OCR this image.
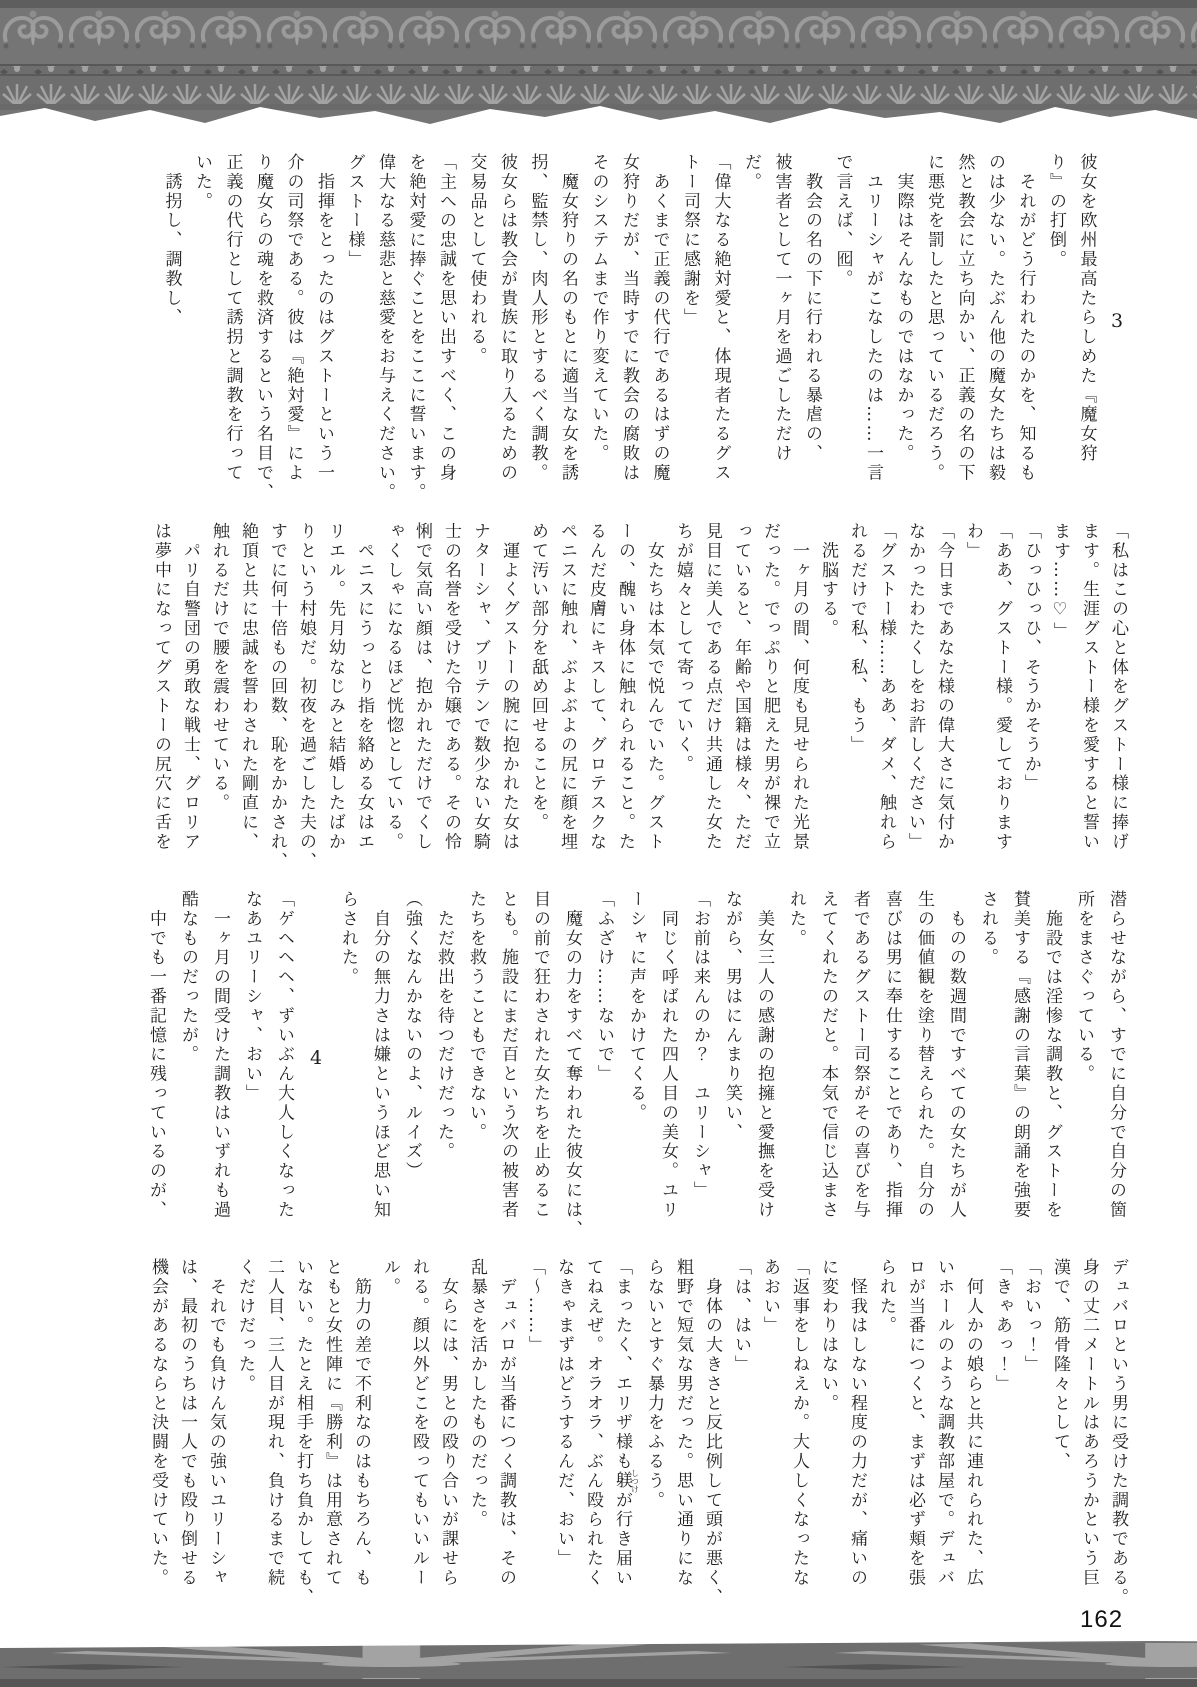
3

彼女を欧州最高たらしめた『魔女狩

り』の打倒。

　それがどう行われたのかを、知るも

のは少ない。たぶん他の魔女たちは毅

然と教会に立ち向かい、正義の名の下

に悪党を罰したと思っているだろう。

　実際はそんなものではなかった。

　ユリーシャがこなしたのは……一言

で言えば、囮。

　教会の名の下に行われる暴虐の、

被害者として一ヶ月を過ごしただけ

だ。

「偉大なる絶対愛と、体現者たるグス

トー司祭に感謝を」

　あくまで正義の代行であるはずの魔

女狩りだが、当時すでに教会の腐敗は

そのシステムまで作り変えていた。

　魔女狩りの名のもとに適当な女を誘

拐、監禁し、肉人形とするべく調教。

彼女らは教会が貴族に取り入るための

交易品として使われる。

「主への忠誠を思い出すべく、この身

を絶対愛に捧ぐことをここに誓います。

偉大なる慈悲と慈愛をお与えください。

グストー様」

　指揮をとったのはグストーという一

介の司祭である。彼は『絶対愛』によ

り魔女らの魂を救済するという名目で、

正義の代行として誘拐と調教を行って

いた。

　誘拐し、調教し、

「私はこの心と体をグストー様に捧げ

ます。生涯グストー様を愛すると誓い

ます……♡」

「ひっひっひ、そうかそうか」

「ああ、グストー様。愛しております

わ」

「今日まであなた様の偉大さに気付か

なかったわたくしをお許しください」

「グストー様……ああ、ダメ、触れら

れるだけで私、私、もう」

　洗脳する。

　一ヶ月の間、何度も見せられた光景

だった。でっぷりと肥えた男が裸で立

っていると、年齢や国籍は様々、ただ

見目に美人である点だけ共通した女た

ちが嬉々として寄っていく。

　女たちは本気で悦んでいた。グスト

ーの、醜い身体に触れられること。た

るんだ皮膚にキスして、グロテスクな

ペニスに触れ、ぶよぶよの尻に顔を埋

めて汚い部分を舐め回せることを。

　運よくグストーの腕に抱かれた女は

ナターシャ、ブリテンで数少ない女騎

士の名誉を受けた令嬢である。その怜

悧で気高い顔は、抱かれただけでくし

ゃくしゃになるほど恍惚としている。

　ペニスにうっとり指を絡める女はエ

リエル。先月幼なじみと結婚したばか

りという村娘だ。初夜を過ごした夫の、

すでに何十倍もの回数、恥をかかされ、

絶頂と共に忠誠を誓わされた剛直に、

触れるだけで腰を震わせている。

　パリ自警団の勇敢な戦士、グロリア

は夢中になってグストーの尻穴に舌を

潜らせながら、すでに自分で自分の箇

所をまさぐっている。

　施設では淫惨な調教と、グストーを

賛美する『感謝の言葉』の朗誦を強要

される。

　ものの数週間ですべての女たちが人

生の価値観を塗り替えられた。自分の

喜びは男に奉仕することであり、指揮

者であるグストー司祭がその喜びを与

えてくれたのだと。本気で信じ込まさ

れた。

　美女三人の感謝の抱擁と愛撫を受け

ながら、男はにんまり笑い、

「お前は来んのか？　ユリーシャ」

　同じく呼ばれた四人目の美女。ユリ

ーシャに声をかけてくる。

「ふざけ……ないで」

　魔女の力をすべて奪われた彼女には、

目の前で狂わされた女たちを止めるこ

とも。施設にまだ百という次の被害者

たちを救うこともできない。

　ただ救出を待つだけだった。

（強くなんかないのよ、ルイズ）

　自分の無力さは嫌というほど思い知

らされた。

4

「ゲヘヘヘ、ずいぶん大人しくなった

なあユリーシャ、おい」

　一ヶ月の間受けた調教はいずれも過

酷なものだったが。

　中でも一番記憶に残っているのが、

デュバロという男に受けた調教である。

身の丈二メートルはあろうかという巨

漢で、筋骨隆々として、

「おいっ！」

「きゃあっ！」

　何人かの娘らと共に連れられた、広

いホールのような調教部屋で。デュバ

ロが当番につくと、まずは必ず頬を張

られた。

　怪我はしない程度の力だが、痛いの

に変わりはない。

「返事をしねえか。大人しくなったな

あおい」

「は、はい」

　身体の大きさと反比例して頭が悪く、

粗野で短気な男だった。思い通りにな

らないとすぐ暴力をふるう。

「まったく、エリザ様も躾しつけが行き届い

てねえぜ。オラオラ、ぶん殴られたく

なきゃまずはどうするんだ、おい」

「～……」

　デュバロが当番につく調教は、その

乱暴さを活かしたものだった。

　女らには、男との殴り合いが課せら

れる。顔以外どこを殴ってもいいルー

ル。

　筋力の差で不利なのはもちろん、も

ともと女性陣に『勝利』は用意されて

いない。たとえ相手を打ち負かしても、

二人目、三人目が現れ、負けるまで続

くだけだった。

　それでも負けん気の強いユリーシャ

は、最初のうちは一人でも殴り倒せる

機会があるならと決闘を受けていた。

162
